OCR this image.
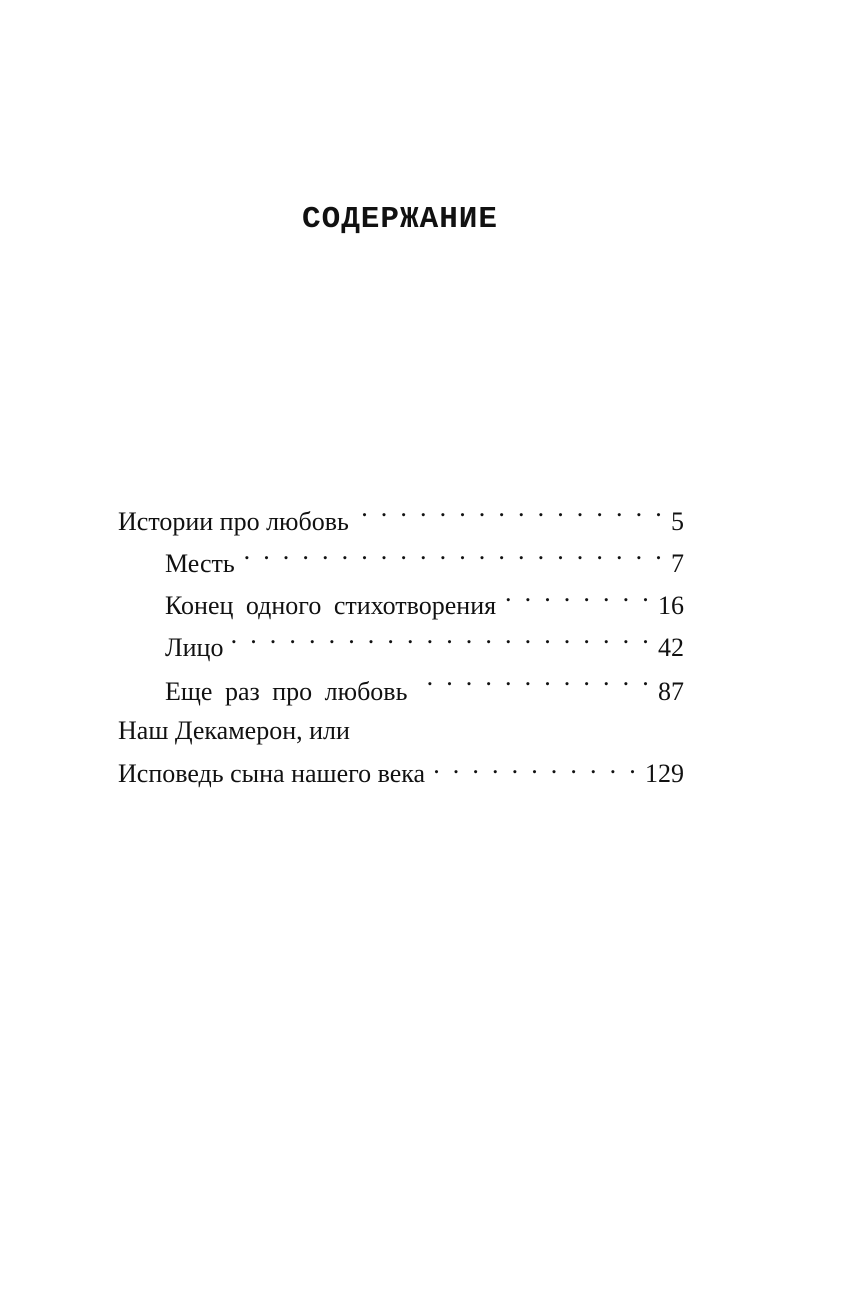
СОДЕРЖАНИЕ
Истории про любовь . . .	5
Месть . . .	7
Конец одного стихотворения . . .	16
Лицо . . .	42
Еще раз про любовь . . .	87
Наш Декамерон, или
Исповедь сына нашего века . . .	129
